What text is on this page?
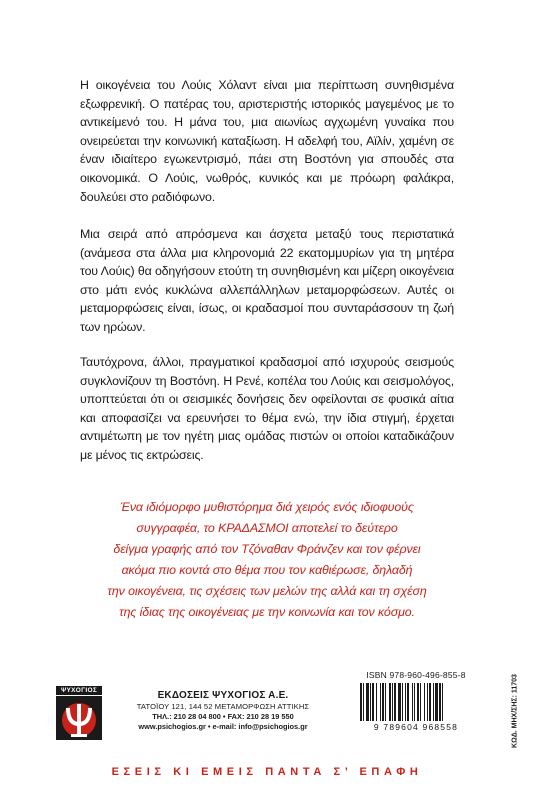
Η οικογένεια του Λούις Χόλαντ είναι μια περίπτωση συνηθισμένα εξωφρενική. Ο πατέρας του, αριστεριστής ιστορικός μαγεμένος με το αντικείμενό του. Η μάνα του, μια αιωνίως αγχωμένη γυναίκα που ονειρεύεται την κοινωνική καταξίωση. Η αδελφή του, Αϊλίν, χαμένη σε έναν ιδιαίτερο εγωκεντρισμό, πάει στη Βοστόνη για σπουδές στα οικονομικά. Ο Λούις, νωθρός, κυνικός και με πρόωρη φαλάκρα, δουλεύει στο ραδιόφωνο.

Μια σειρά από απρόσμενα και άσχετα μεταξύ τους περιστατικά (ανάμεσα στα άλλα μια κληρονομιά 22 εκατομμυρίων για τη μητέρα του Λούις) θα οδηγήσουν ετούτη τη συνηθισμένη και μίζερη οικογένεια στο μάτι ενός κυκλώνα αλλεπάλληλων μεταμορφώσεων. Αυτές οι μεταμορφώσεις είναι, ίσως, οι κραδασμοί που συνταράσσουν τη ζωή των ηρώων.

Ταυτόχρονα, άλλοι, πραγματικοί κραδασμοί από ισχυρούς σεισμούς συγκλονίζουν τη Βοστόνη. Η Ρενέ, κοπέλα του Λούις και σεισμολόγος, υποπτεύεται ότι οι σεισμικές δονήσεις δεν οφείλονται σε φυσικά αίτια και αποφασίζει να ερευνήσει το θέμα ενώ, την ίδια στιγμή, έρχεται αντιμέτωπη με τον ηγέτη μιας ομάδας πιστών οι οποίοι καταδικάζουν με μένος τις εκτρώσεις.

Ένα ιδιόμορφο μυθιστόρημα διά χειρός ενός ιδιοφυούς
συγγραφέα, το ΚΡΑΔΑΣΜΟΙ αποτελεί το δεύτερο
δείγμα γραφής από τον Τζόναθαν Φράνζεν και τον φέρνει
ακόμα πιο κοντά στο θέμα που τον καθιέρωσε, δηλαδή
την οικογένεια, τις σχέσεις των μελών της αλλά και τη σχέση
της ίδιας της οικογένειας με την κοινωνία και τον κόσμο.
ΨΥΧΟΓΙΟΣ	ΕΚΔΟΣΕΙΣ ΨΥΧΟΓΙΟΣ Α.Ε.
ΤΑΤΟΪΟΥ 121, 144 52 ΜΕΤΑΜΟΡΦΩΣΗ ΑΤΤΙΚΗΣ
ΤΗΛ.: 210 28 04 800 • FAX: 210 28 19 550
www.psichogios.gr • e-mail: info@psichogios.gr
ISBN 978-960-496-855-8
9 789604 968558	ΚΩΔ. ΜΗΧ/ΣΗΣ: 11703
ΕΣΕΙΣ ΚΙ ΕΜΕΙΣ ΠΑΝΤΑ Σ’ ΕΠΑΦΗ
